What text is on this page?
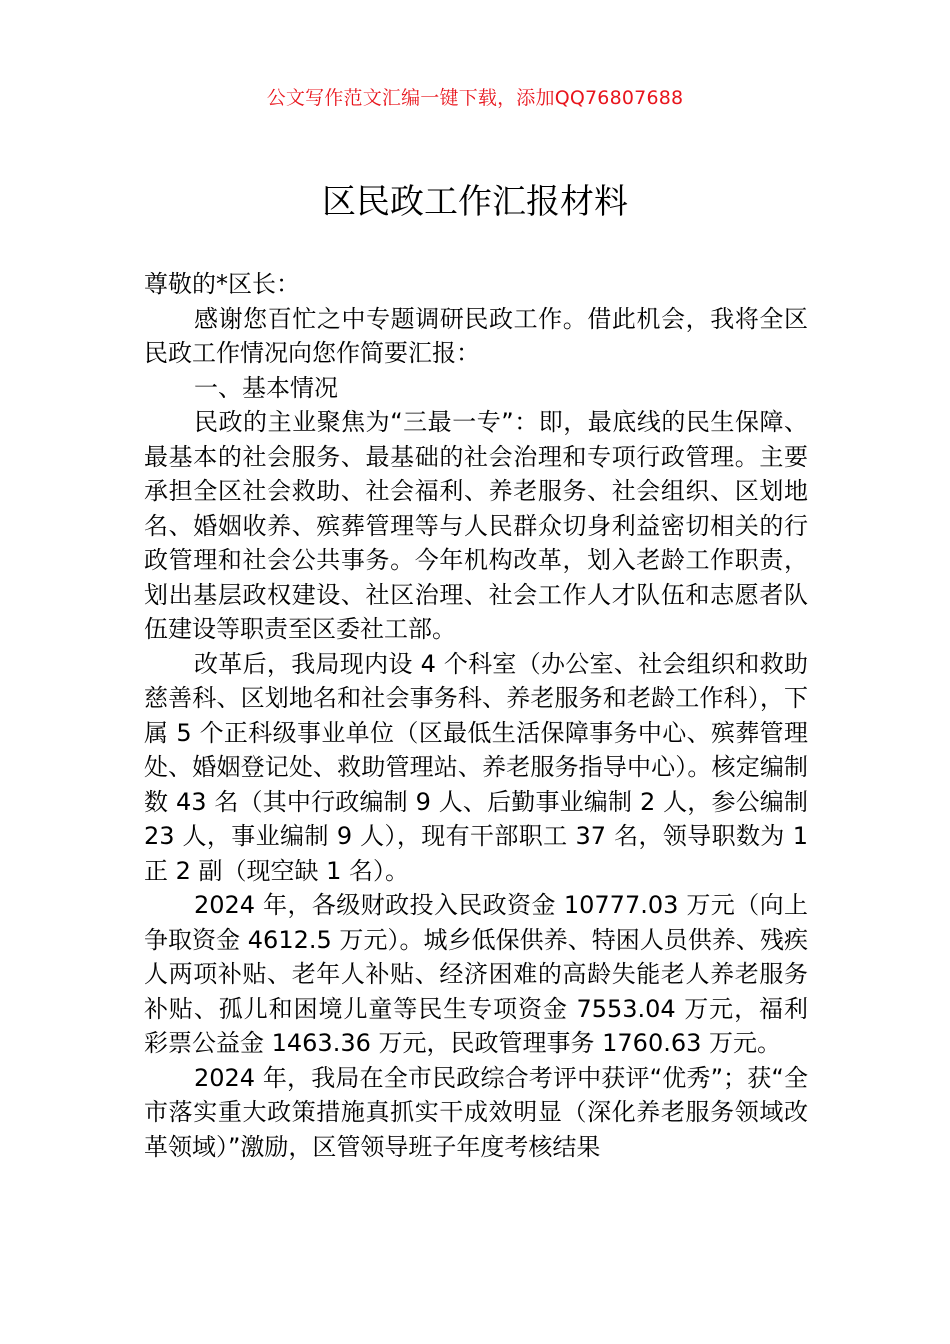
公文写作范文汇编一键下载，添加QQ76807688
区民政工作汇报材料

尊敬的*区长：

感谢您百忙之中专题调研民政工作。借此机会，我将全区民政工作情况向您作简要汇报：

一、基本情况

民政的主业聚焦为“三最一专”：即，最底线的民生保障、最基本的社会服务、最基础的社会治理和专项行政管理。主要承担全区社会救助、社会福利、养老服务、社会组织、区划地名、婚姻收养、殡葬管理等与人民群众切身利益密切相关的行政管理和社会公共事务。今年机构改革，划入老龄工作职责，划出基层政权建设、社区治理、社会工作人才队伍和志愿者队伍建设等职责至区委社工部。

改革后，我局现内设 4 个科室（办公室、社会组织和救助慈善科、区划地名和社会事务科、养老服务和老龄工作科），下属 5 个正科级事业单位（区最低生活保障事务中心、殡葬管理处、婚姻登记处、救助管理站、养老服务指导中心）。核定编制数 43 名（其中行政编制 9 人、后勤事业编制 2 人，参公编制 23 人，事业编制 9 人），现有干部职工 37 名，领导职数为 1 正 2 副（现空缺 1 名）。

2024 年，各级财政投入民政资金 10777.03 万元（向上争取资金 4612.5 万元）。城乡低保供养、特困人员供养、残疾人两项补贴、老年人补贴、经济困难的高龄失能老人养老服务补贴、孤儿和困境儿童等民生专项资金 7553.04 万元，福利彩票公益金 1463.36 万元，民政管理事务 1760.63 万元。

2024 年，我局在全市民政综合考评中获评“优秀”；获“全市落实重大政策措施真抓实干成效明显（深化养老服务领域改革领域）”激励，区管领导班子年度考核结果
